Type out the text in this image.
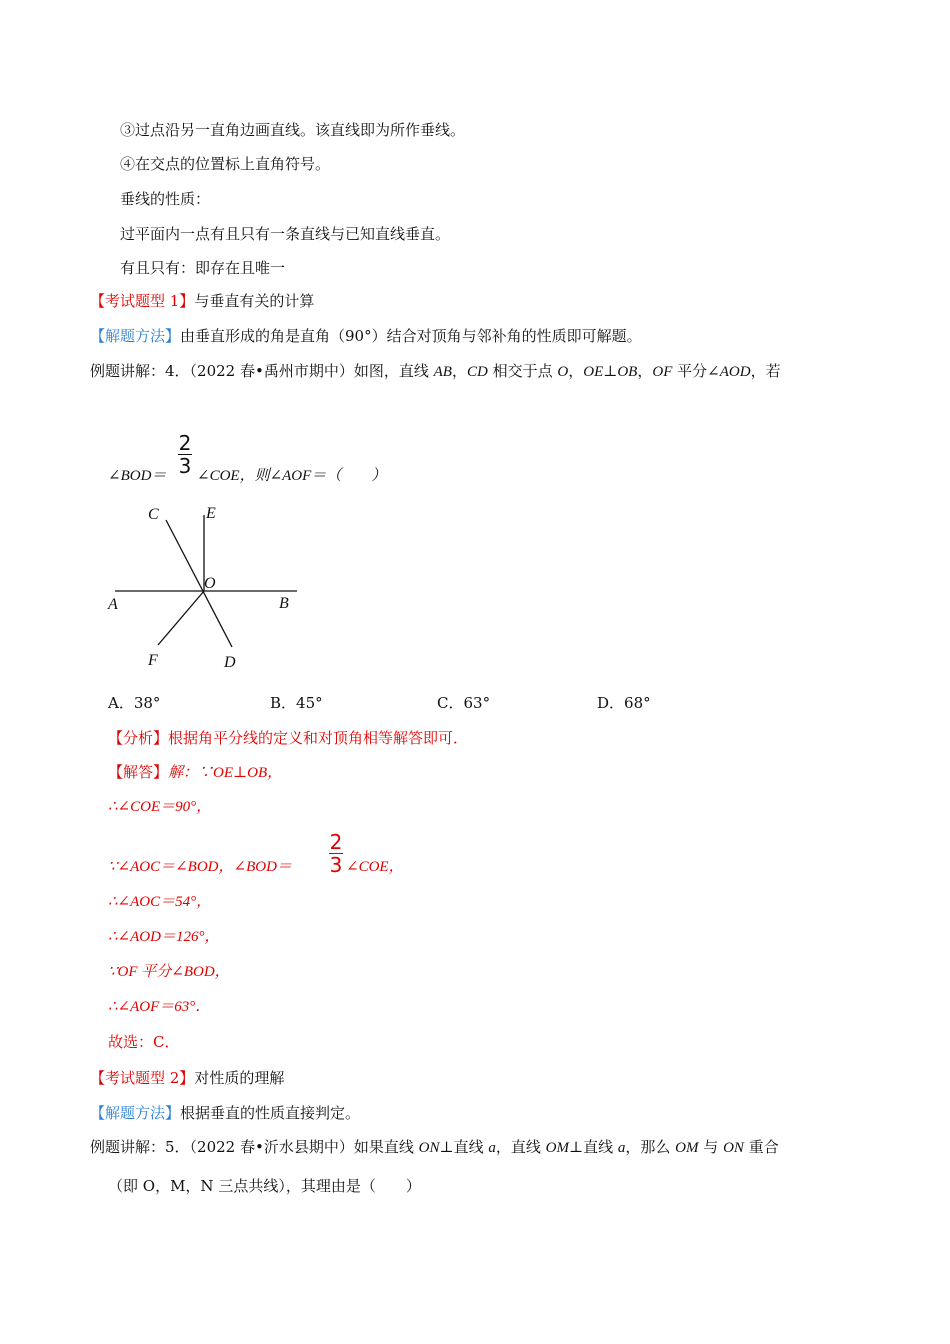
③过点沿另一直角边画直线。该直线即为所作垂线。
④在交点的位置标上直角符号。
垂线的性质：
过平面内一点有且只有一条直线与已知直线垂直。
有且只有：即存在且唯一
【考试题型 1】与垂直有关的计算
【解题方法】由垂直形成的角是直角（90°）结合对顶角与邻补角的性质即可解题。
例题讲解：4．（2022 春•禹州市期中）如图，直线 AB，CD 相交于点 O，OE⊥OB，OF 平分∠AOD，若
∠BOD＝
2
3 ∠COE，则∠AOF＝（　　）
C	E
O
A	B
F	D
A．38°	B．45°	C．63°	D．68°
【分析】根据角平分线的定义和对顶角相等解答即可．
【解答】解：∵OE⊥OB，
∴∠COE＝90°，
∵∠AOC＝∠BOD，∠BOD＝
2
3 ∠COE，
∴∠AOC＝54°，
∴∠AOD＝126°，
∵OF 平分∠BOD，
∴∠AOF＝63°．
故选：C．
【考试题型 2】对性质的理解
【解题方法】根据垂直的性质直接判定。
例题讲解：5．（2022 春•沂水县期中）如果直线 ON⊥直线 a，直线 OM⊥直线 a，那么 OM 与 ON 重合
（即 O，M，N 三点共线），其理由是（　　）
